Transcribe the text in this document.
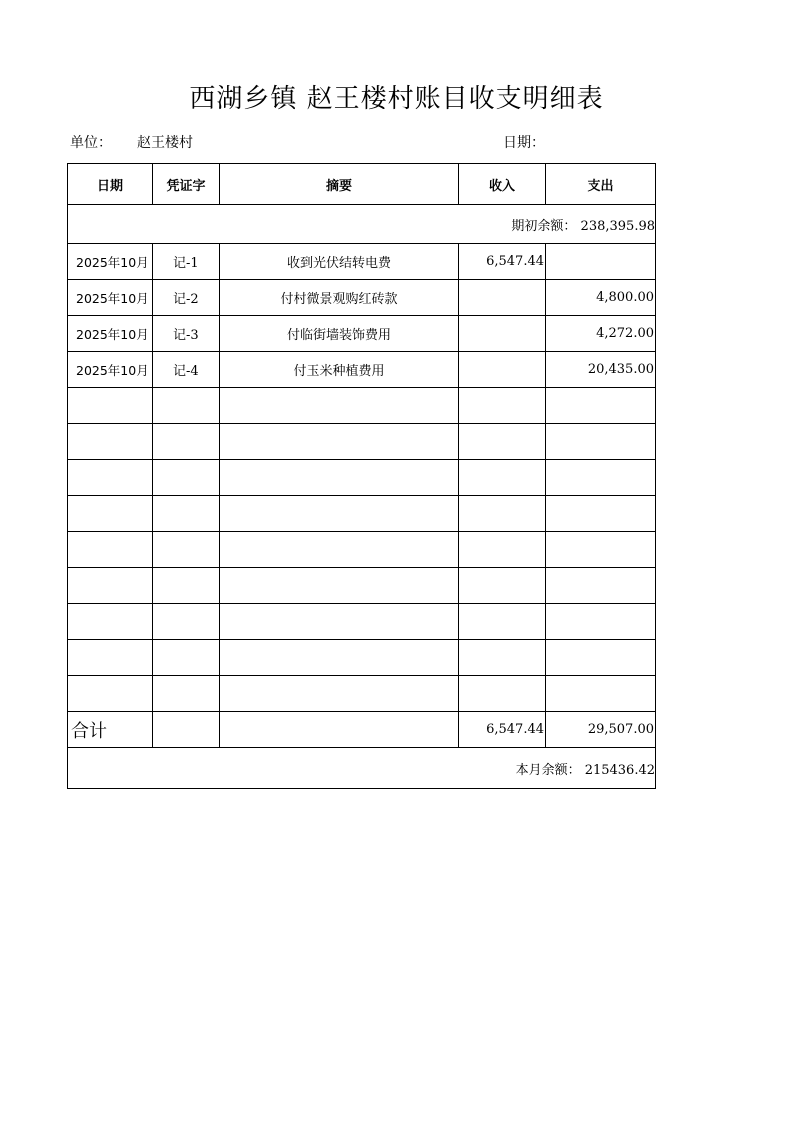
西湖乡镇 赵王楼村账目收支明细表
单位： 赵王楼村	日期：
日期	凭证字	摘要	收入	支出
期初余额： 238,395.98				
2025年10月	记-1	收到光伏结转电费	6,547.44	
2025年10月	记-2	付村微景观购红砖款		4,800.00
2025年10月	记-3	付临街墙装饰费用		4,272.00
2025年10月	记-4	付玉米种植费用		20,435.00

合计			6,547.44	29,507.00
本月余额： 215436.42				
